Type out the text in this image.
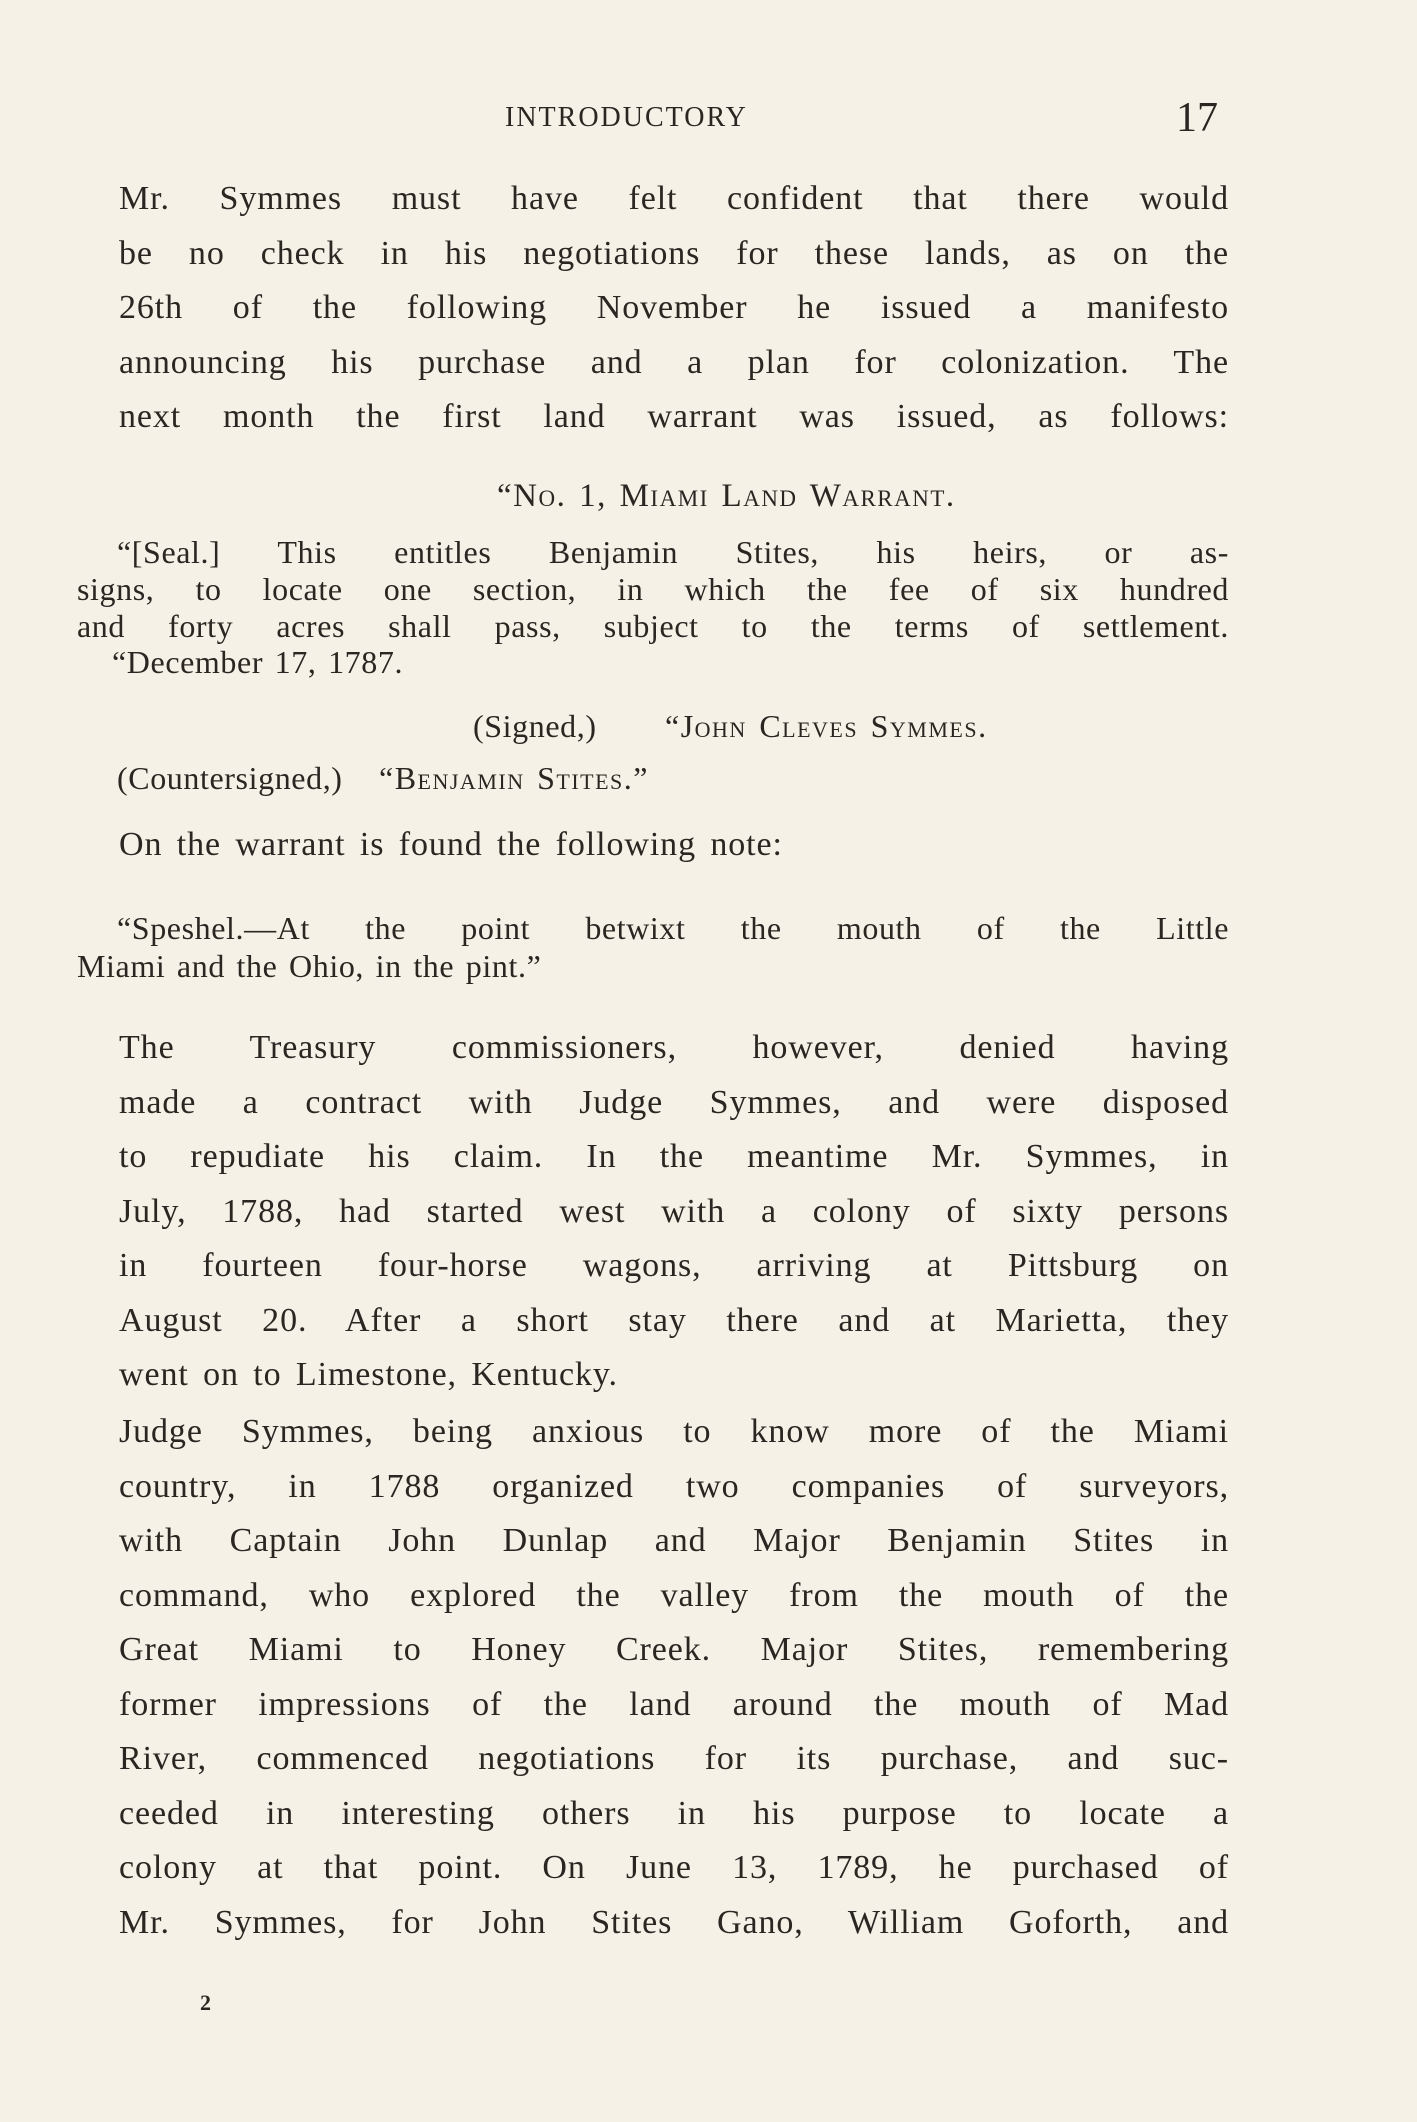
INTRODUCTORY	17
Mr. Symmes must have felt confident that there would
be no check in his negotiations for these lands, as on the
26th of the following November he issued a manifesto
announcing his purchase and a plan for colonization. The
next month the first land warrant was issued, as follows:
“No. 1, Miami Land Warrant.
“[Seal.] This entitles Benjamin Stites, his heirs, or as-
signs, to locate one section, in which the fee of six hundred
and forty acres shall pass, subject to the terms of settlement.
“December 17, 1787.
(Signed,) “John Cleves Symmes.
(Countersigned,) “Benjamin Stites.”
On the warrant is found the following note:
“Speshel.—At the point betwixt the mouth of the Little
Miami and the Ohio, in the pint.”
The Treasury commissioners, however, denied having
made a contract with Judge Symmes, and were disposed
to repudiate his claim. In the meantime Mr. Symmes, in
July, 1788, had started west with a colony of sixty persons
in fourteen four-horse wagons, arriving at Pittsburg on
August 20. After a short stay there and at Marietta, they
went on to Limestone, Kentucky.
Judge Symmes, being anxious to know more of the Miami
country, in 1788 organized two companies of surveyors,
with Captain John Dunlap and Major Benjamin Stites in
command, who explored the valley from the mouth of the
Great Miami to Honey Creek. Major Stites, remembering
former impressions of the land around the mouth of Mad
River, commenced negotiations for its purchase, and suc-
ceeded in interesting others in his purpose to locate a
colony at that point. On June 13, 1789, he purchased of
Mr. Symmes, for John Stites Gano, William Goforth, and
2
